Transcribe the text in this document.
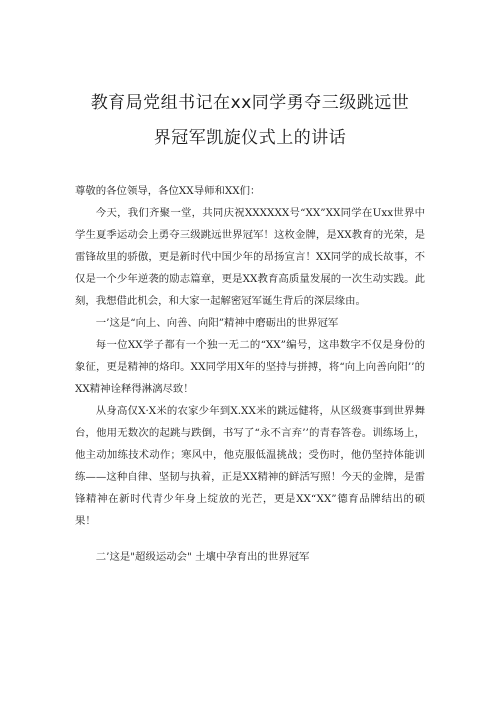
教育局党组书记在xx同学勇夺三级跳远世
界冠军凯旋仪式上的讲话

尊敬的各位领导，各位XX导师和XX们：

今天，我们齐聚一堂，共同庆祝XXXXXX号“XX”XX同学在Uxx世界中学生夏季运动会上勇夺三级跳远世界冠军！这枚金牌，是XX教育的光荣，是雷锋故里的骄傲，更是新时代中国少年的昂扬宣言！XX同学的成长故事，不仅是一个少年逆袭的励志篇章，更是XX教育高质量发展的一次生动实践。此刻，我想借此机会，和大家一起解密冠军诞生背后的深层缘由。

一’这是“向上、向善、向阳”精神中磨砺出的世界冠军

每一位XX学子都有一个独一无二的“XX”编号，这串数字不仅是身份的象征，更是精神的烙印。XX同学用X年的坚持与拼搏，将“向上向善向阳’’的XX精神诠释得淋漓尽致！

从身高仅X·X米的农家少年到X.XX米的跳远健将，从区级赛事到世界舞台，他用无数次的起跳与跌倒，书写了“永不言弃’’的青春答卷。训练场上，他主动加练技术动作；寒风中，他克服低温挑战；受伤时，他仍坚持体能训练——这种自律、坚韧与执着，正是XX精神的鲜活写照！今天的金牌，是雷锋精神在新时代青少年身上绽放的光芒，更是XX“XX”德育品牌结出的硕果！

二’这是"超级运动会" 土壤中孕育出的世界冠军
